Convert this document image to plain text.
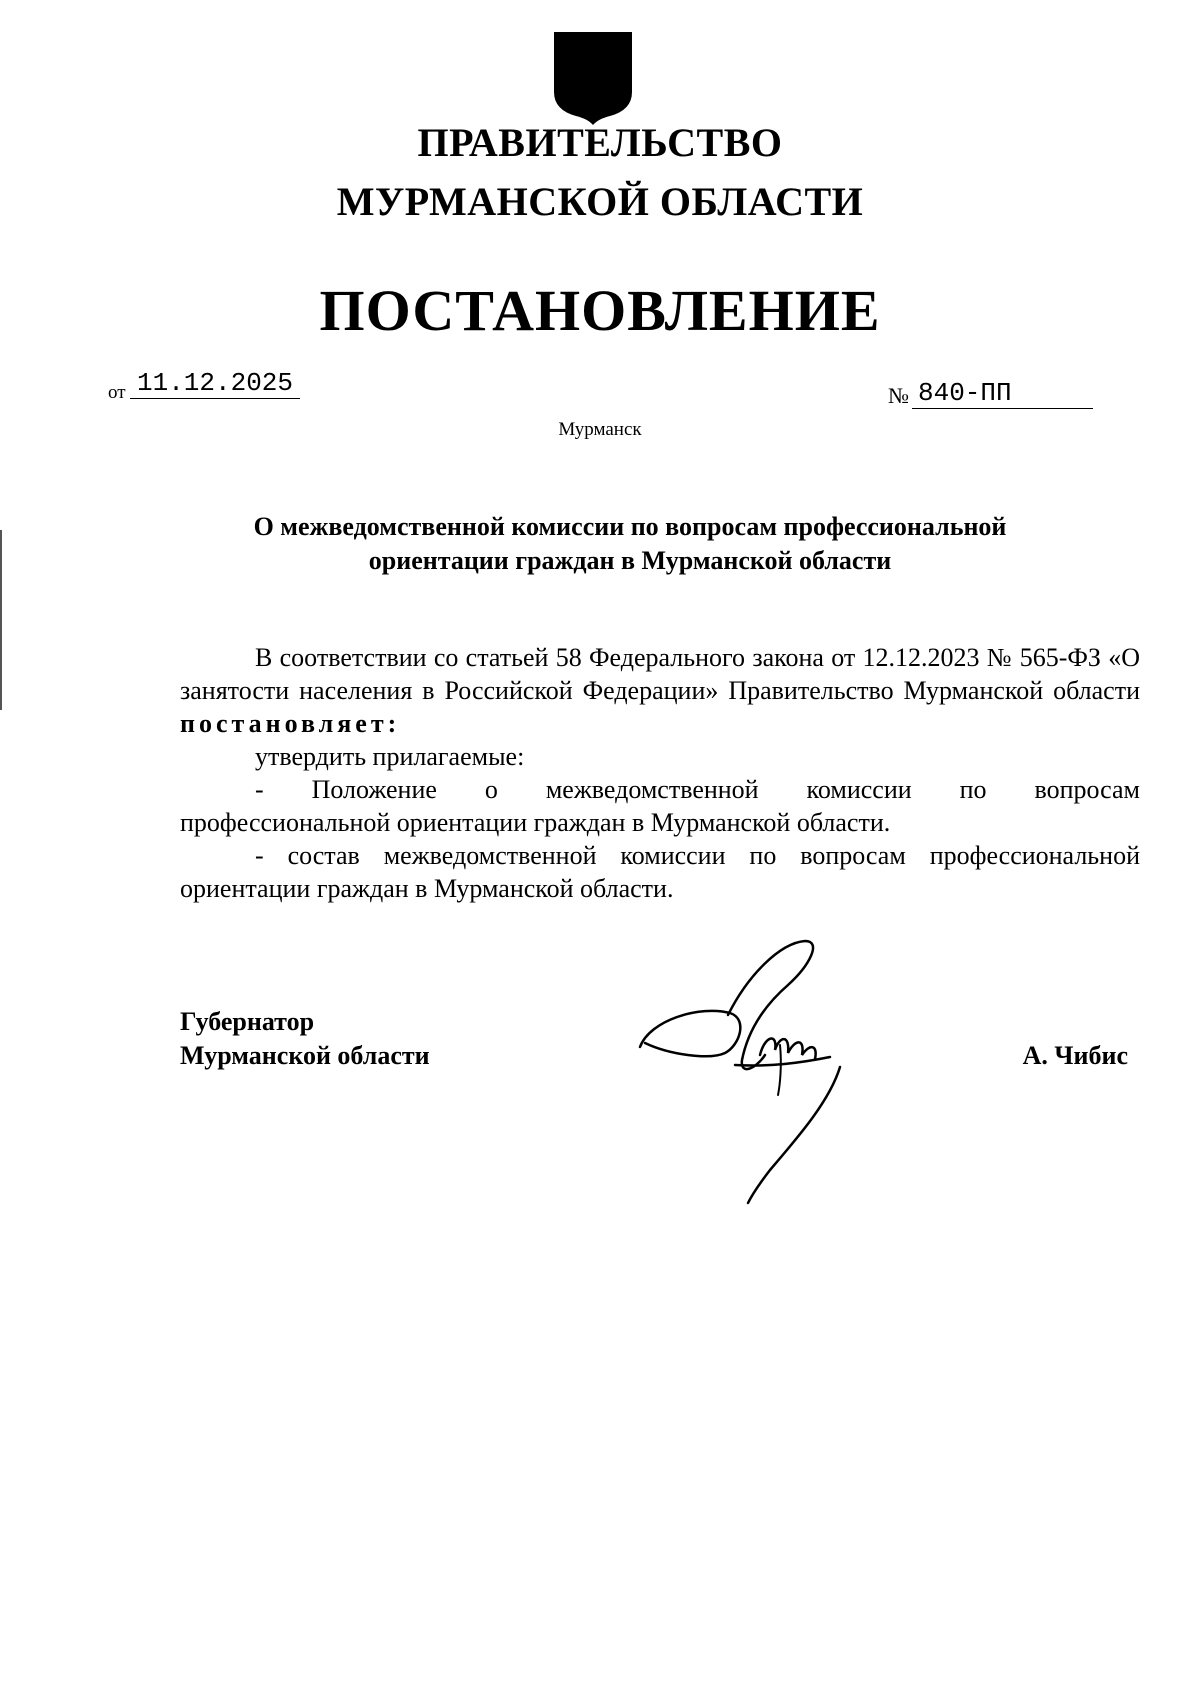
ПРАВИТЕЛЬСТВО
МУРМАНСКОЙ ОБЛАСТИ
ПОСТАНОВЛЕНИЕ
от 11.12.2025	№ 840-ПП
Мурманск
О межведомственной комиссии по вопросам профессиональной
ориентации граждан в Мурманской области

В соответствии со статьей 58 Федерального закона от 12.12.2023 № 565-ФЗ «О занятости населения в Российской Федерации» Правительство Мурманской области постановляет:

утвердить прилагаемые:

- Положение о межведомственной комиссии по вопросам

профессиональной ориентации граждан в Мурманской области.

- состав межведомственной комиссии по вопросам профессиональной ориентации граждан в Мурманской области.

Губернатор
Мурманской области	А. Чибис
